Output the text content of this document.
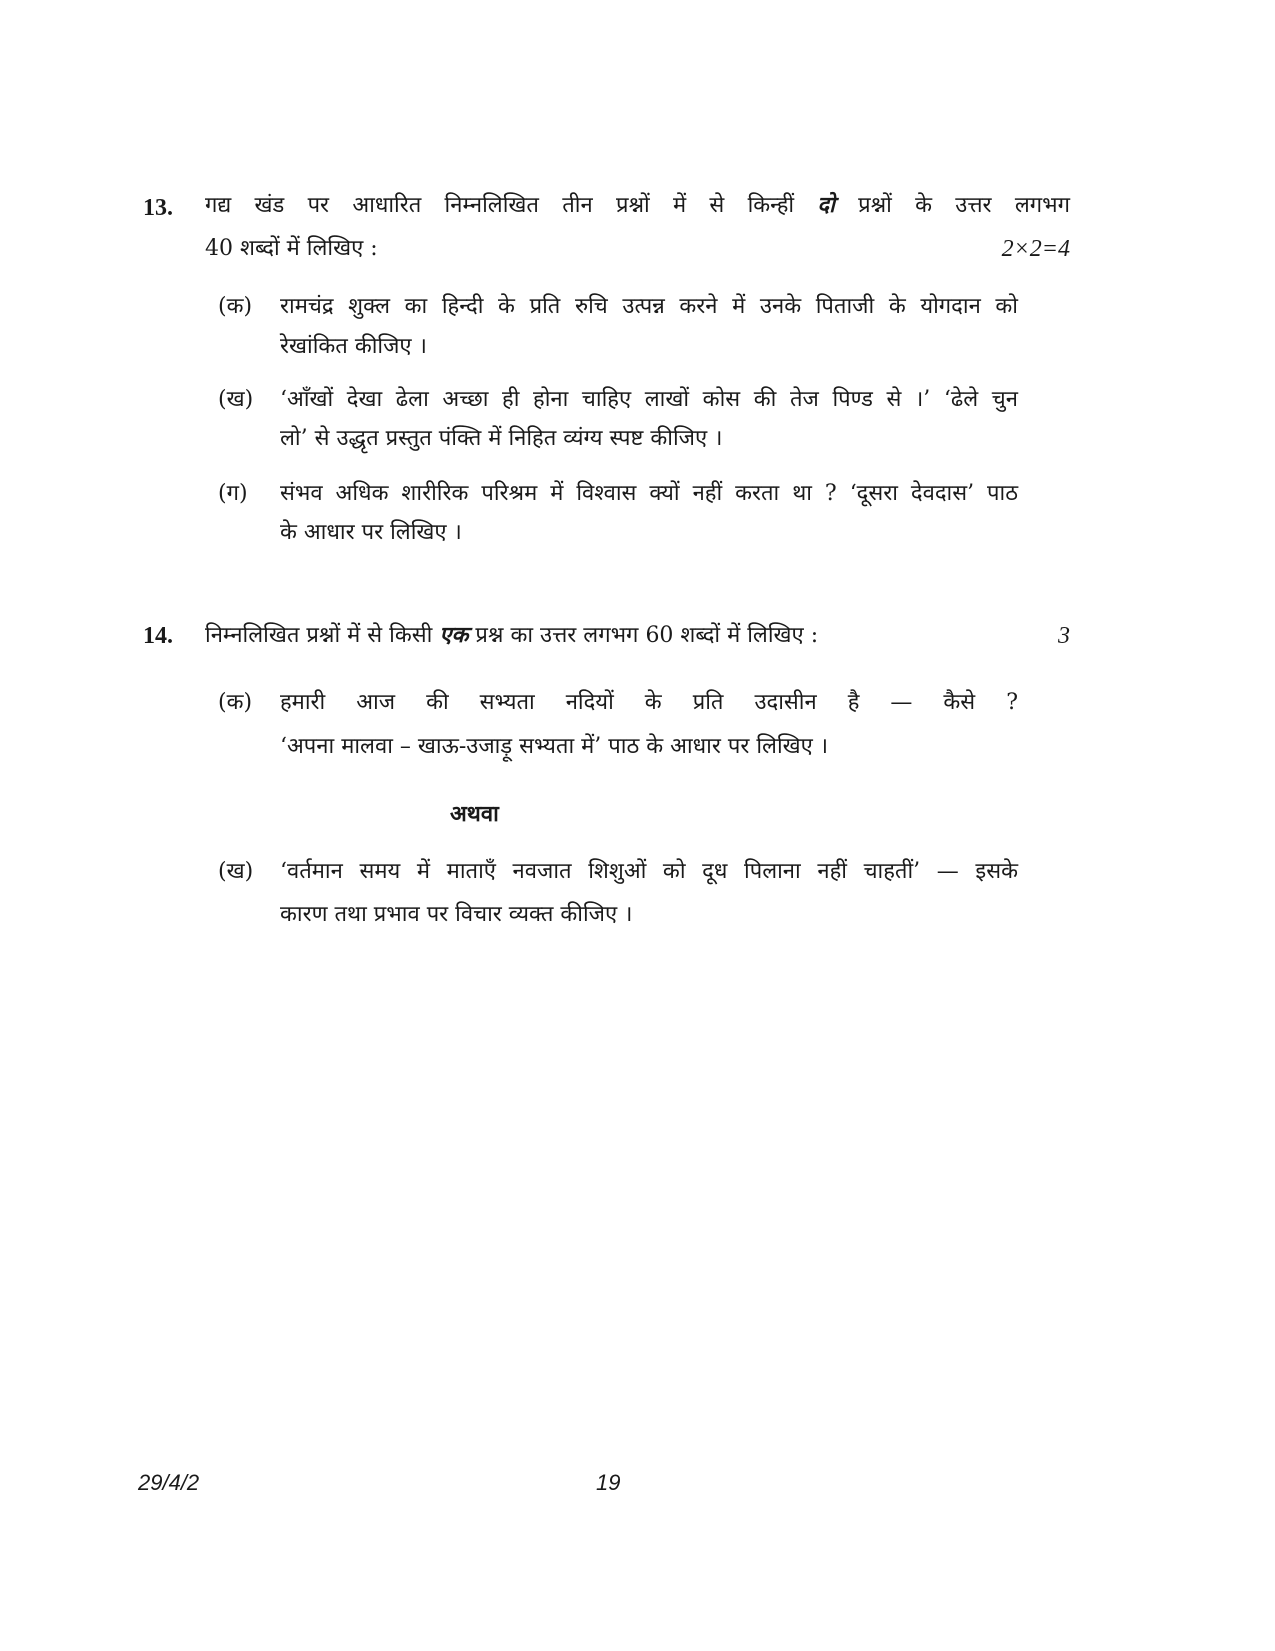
13. गद्य खंड पर आधारित निम्नलिखित तीन प्रश्नों में से किन्हीं दो प्रश्नों के उत्तर लगभग
40 शब्दों में लिखिए :	2×2=4
(क) रामचंद्र शुक्ल का हिन्दी के प्रति रुचि उत्पन्न करने में उनके पिताजी के योगदान को
रेखांकित कीजिए ।
(ख) ‘आँखों देखा ढेला अच्छा ही होना चाहिए लाखों कोस की तेज पिण्ड से ।’ ‘ढेले चुन
लो’ से उद्धृत प्रस्तुत पंक्ति में निहित व्यंग्य स्पष्ट कीजिए ।
(ग) संभव अधिक शारीरिक परिश्रम में विश्वास क्यों नहीं करता था ? ‘दूसरा देवदास’ पाठ
के आधार पर लिखिए ।
14. निम्नलिखित प्रश्नों में से किसी एक प्रश्न का उत्तर लगभग 60 शब्दों में लिखिए :	3
(क) हमारी आज की सभ्यता नदियों के प्रति उदासीन है — कैसे ?
‘अपना मालवा – खाऊ-उजाड़ू सभ्यता में’ पाठ के आधार पर लिखिए ।
अथवा
(ख) ‘वर्तमान समय में माताएँ नवजात शिशुओं को दूध पिलाना नहीं चाहतीं’ — इसके
कारण तथा प्रभाव पर विचार व्यक्त कीजिए ।
29/4/2	19
